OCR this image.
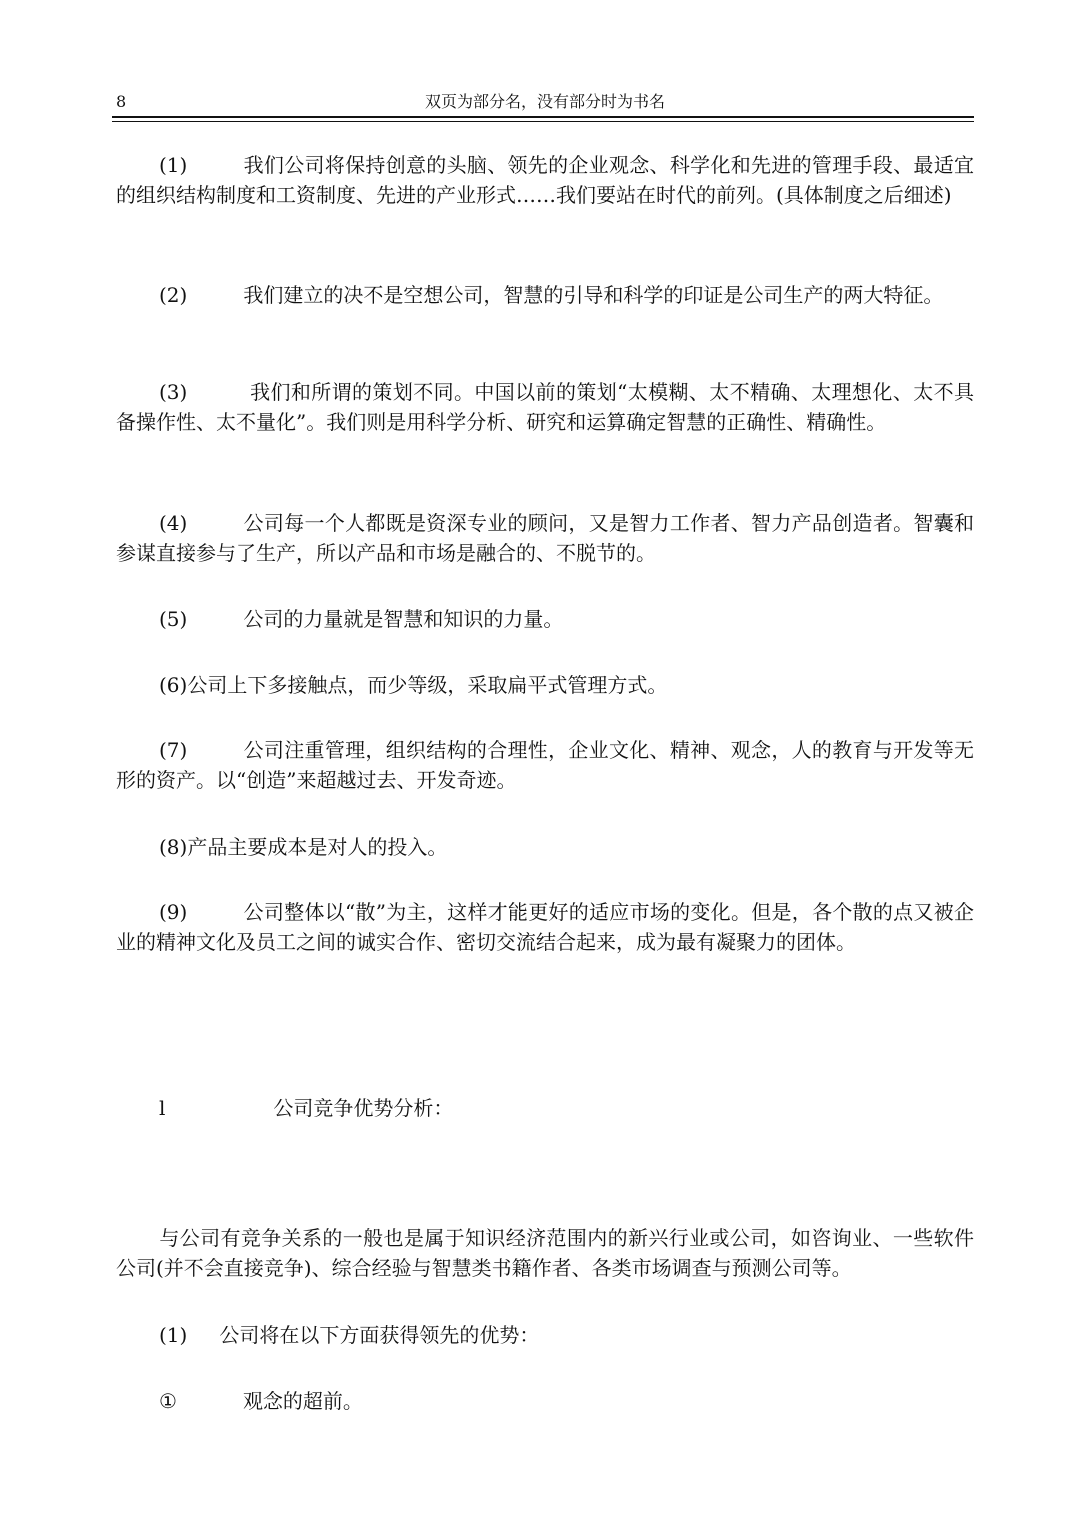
8	双页为部分名，没有部分时为书名
(1)	我们公司将保持创意的头脑、领先的企业观念、科学化和先进的管理手段、最适宜的组织结构制度和工资制度、先进的产业形式……我们要站在时代的前列。(具体制度之后细述)
(2)	我们建立的决不是空想公司，智慧的引导和科学的印证是公司生产的两大特征。
(3)	我们和所谓的策划不同。中国以前的策划“太模糊、太不精确、太理想化、太不具备操作性、太不量化”。我们则是用科学分析、研究和运算确定智慧的正确性、精确性。
(4)	公司每一个人都既是资深专业的顾问，又是智力工作者、智力产品创造者。智囊和参谋直接参与了生产，所以产品和市场是融合的、不脱节的。
(5)	公司的力量就是智慧和知识的力量。
(6)公司上下多接触点，而少等级，采取扁平式管理方式。
(7)	公司注重管理，组织结构的合理性，企业文化、精神、观念，人的教育与开发等无形的资产。以“创造”来超越过去、开发奇迹。
(8)产品主要成本是对人的投入。
(9)	公司整体以“散”为主，这样才能更好的适应市场的变化。但是，各个散的点又被企业的精神文化及员工之间的诚实合作、密切交流结合起来，成为最有凝聚力的团体。
l	公司竞争优势分析：
与公司有竞争关系的一般也是属于知识经济范围内的新兴行业或公司，如咨询业、一些软件公司(并不会直接竞争)、综合经验与智慧类书籍作者、各类市场调查与预测公司等。
(1) 公司将在以下方面获得领先的优势：
①	观念的超前。
